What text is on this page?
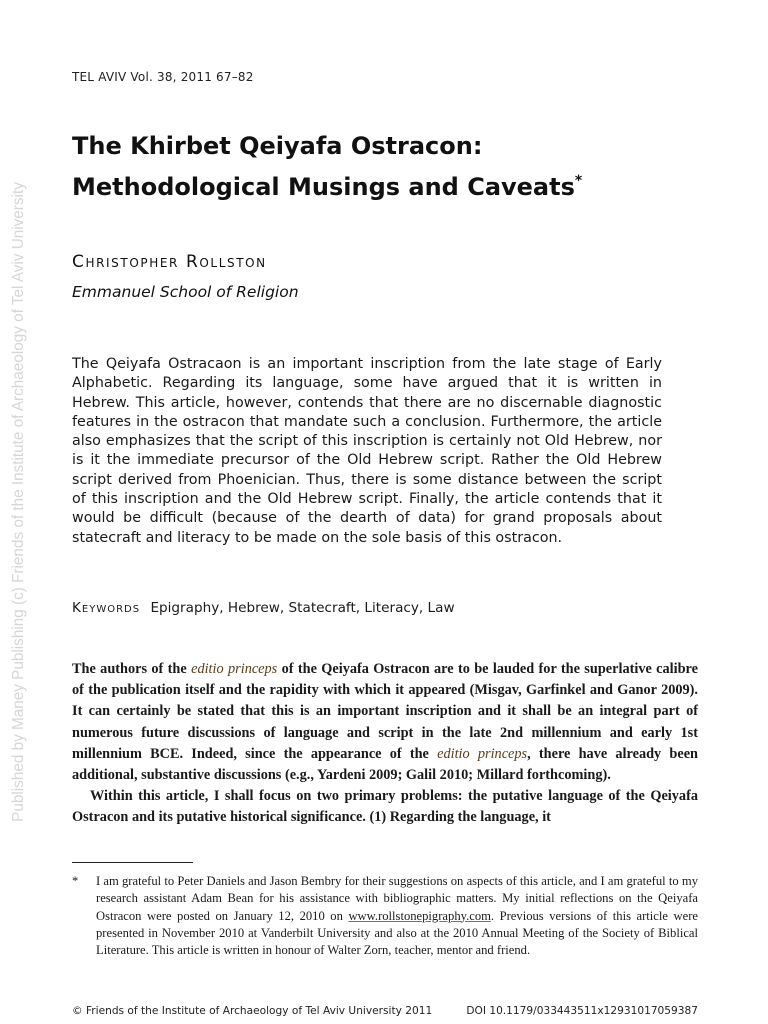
Published by Maney Publishing (c) Friends of the Institute of Archaeology of Tel Aviv University
TEL AVIV Vol. 38, 2011 67–82
The Khirbet Qeiyafa Ostracon:
Methodological Musings and Caveats*
Christopher Rollston
Emmanuel School of Religion

The Qeiyafa Ostracaon is an important inscription from the late stage of Early Alphabetic. Regarding its language, some have argued that it is written in Hebrew. This article, however, contends that there are no discernable diagnostic features in the ostracon that mandate such a conclusion. Furthermore, the article also emphasizes that the script of this inscription is certainly not Old Hebrew, nor is it the immediate precursor of the Old Hebrew script. Rather the Old Hebrew script derived from Phoenician. Thus, there is some distance between the script of this inscription and the Old Hebrew script. Finally, the article contends that it would be difficult (because of the dearth of data) for grand proposals about statecraft and literacy to be made on the sole basis of this ostracon.

Keywords Epigraphy, Hebrew, Statecraft, Literacy, Law

The authors of the editio princeps of the Qeiyafa Ostracon are to be lauded for the superlative calibre of the publication itself and the rapidity with which it appeared (Misgav, Garfinkel and Ganor 2009). It can certainly be stated that this is an important inscription and it shall be an integral part of numerous future discussions of language and script in the late 2nd millennium and early 1st millennium BCE. Indeed, since the appearance of the editio princeps, there have already been additional, substantive discussions (e.g., Yardeni 2009; Galil 2010; Millard forthcoming).

Within this article, I shall focus on two primary problems: the putative language of the Qeiyafa Ostracon and its putative historical significance. (1) Regarding the language, it

*	I am grateful to Peter Daniels and Jason Bembry for their suggestions on aspects of this article, and I am grateful to my research assistant Adam Bean for his assistance with bibliographic matters. My initial reflections on the Qeiyafa Ostracon were posted on January 12, 2010 on www.rollstonepigraphy.com. Previous versions of this article were presented in November 2010 at Vanderbilt University and also at the 2010 Annual Meeting of the Society of Biblical Literature. This article is written in honour of Walter Zorn, teacher, mentor and friend.
© Friends of the Institute of Archaeology of Tel Aviv University 2011	DOI 10.1179/033443511x12931017059387
